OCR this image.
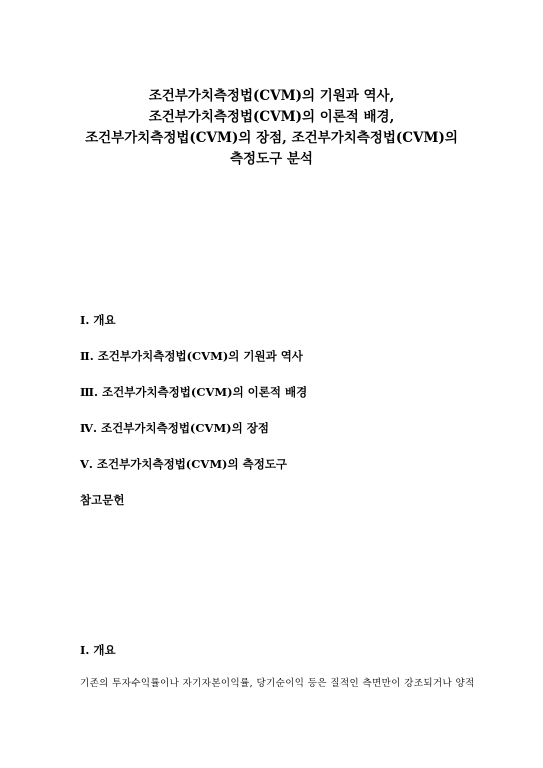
조건부가치측정법(CVM)의 기원과 역사,
조건부가치측정법(CVM)의 이론적 배경,
조건부가치측정법(CVM)의 장점, 조건부가치측정법(CVM)의
측정도구 분석
Ⅰ. 개요
Ⅱ. 조건부가치측정법(CVM)의 기원과 역사
Ⅲ. 조건부가치측정법(CVM)의 이론적 배경
Ⅳ. 조건부가치측정법(CVM)의 장점
Ⅴ. 조건부가치측정법(CVM)의 측정도구
참고문헌
Ⅰ. 개요
기존의 투자수익률이나 자기자본이익률, 당기순이익 등은 질적인 측면만이 강조되거나 양적
